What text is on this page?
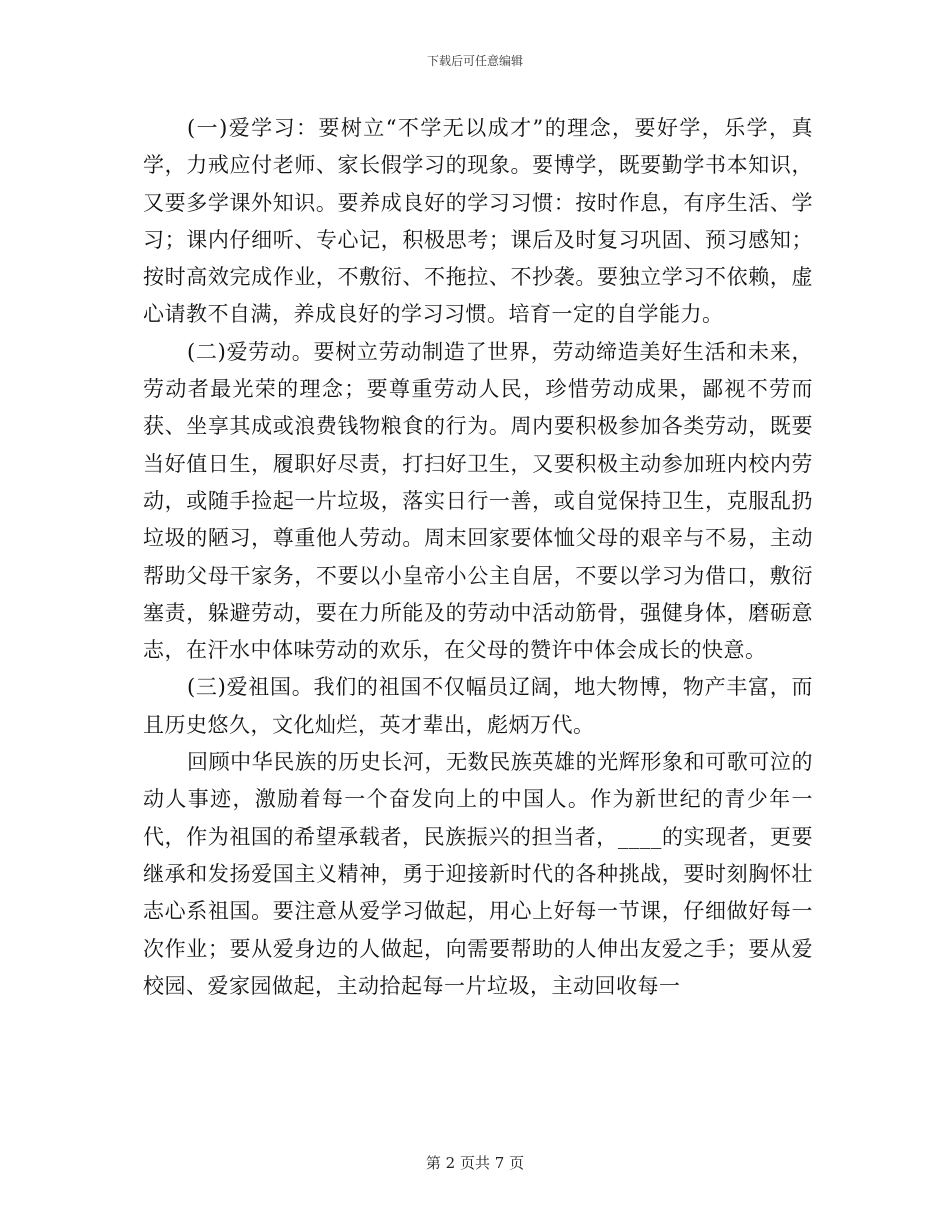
下载后可任意编辑

(一)爱学习：要树立“不学无以成才”的理念，要好学，乐学，真学，力戒应付老师、家长假学习的现象。要博学，既要勤学书本知识，又要多学课外知识。要养成良好的学习习惯：按时作息，有序生活、学习；课内仔细听、专心记，积极思考；课后及时复习巩固、预习感知；按时高效完成作业，不敷衍、不拖拉、不抄袭。要独立学习不依赖，虚心请教不自满，养成良好的学习习惯。培育一定的自学能力。

(二)爱劳动。要树立劳动制造了世界，劳动缔造美好生活和未来，劳动者最光荣的理念；要尊重劳动人民，珍惜劳动成果，鄙视不劳而获、坐享其成或浪费钱物粮食的行为。周内要积极参加各类劳动，既要当好值日生，履职好尽责，打扫好卫生，又要积极主动参加班内校内劳动，或随手捡起一片垃圾，落实日行一善，或自觉保持卫生，克服乱扔垃圾的陋习，尊重他人劳动。周末回家要体恤父母的艰辛与不易，主动帮助父母干家务，不要以小皇帝小公主自居，不要以学习为借口，敷衍塞责，躲避劳动，要在力所能及的劳动中活动筋骨，强健身体，磨砺意志，在汗水中体味劳动的欢乐，在父母的赞许中体会成长的快意。

(三)爱祖国。我们的祖国不仅幅员辽阔，地大物博，物产丰富，而且历史悠久，文化灿烂，英才辈出，彪炳万代。

回顾中华民族的历史长河，无数民族英雄的光辉形象和可歌可泣的动人事迹，激励着每一个奋发向上的中国人。作为新世纪的青少年一代，作为祖国的希望承载者，民族振兴的担当者，____的实现者，更要继承和发扬爱国主义精神，勇于迎接新时代的各种挑战，要时刻胸怀壮志心系祖国。要注意从爱学习做起，用心上好每一节课，仔细做好每一次作业；要从爱身边的人做起，向需要帮助的人伸出友爱之手；要从爱校园、爱家园做起，主动拾起每一片垃圾，主动回收每一

第 2 页共 7 页
